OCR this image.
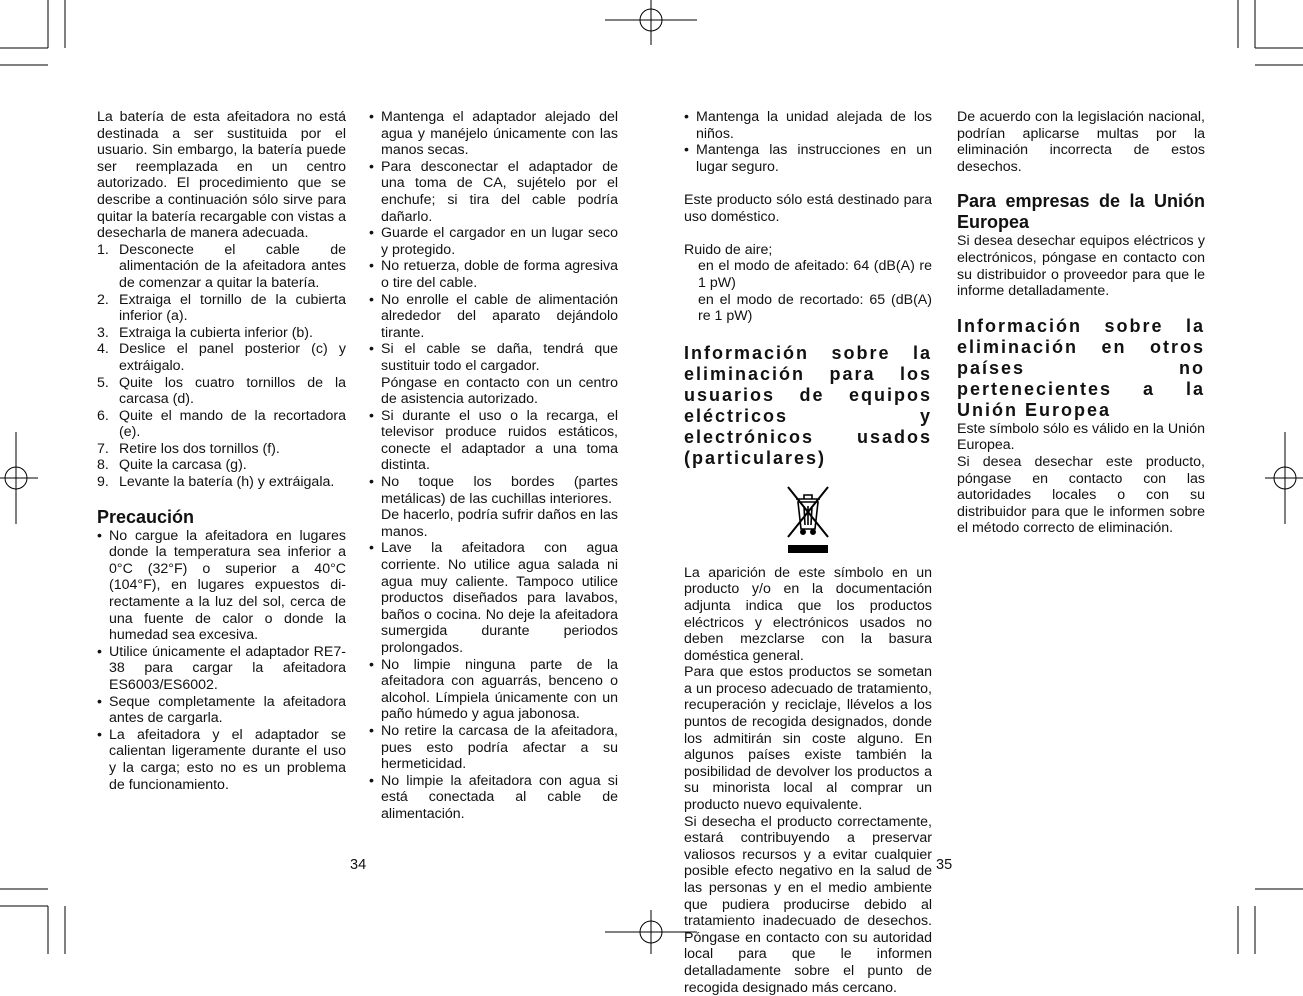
La batería de esta afeitadora no está destinada a ser sustituida por el usuario. Sin embargo, la batería puede ser reemplazada en un centro autorizado. El procedimiento que se describe a continuación sólo sirve para quitar la batería recargable con vistas a desecharla de manera adecuada.

1. Desconecte el cable de alimentación de la afeitadora antes de comenzar a quitar la batería.
2. Extraiga el tornillo de la cubierta inferior (a).
3. Extraiga la cubierta inferior (b).
4. Deslice el panel posterior (c) y extráigalo.
5. Quite los cuatro tornillos de la carcasa (d).
6. Quite el mando de la recortadora (e).
7. Retire los dos tornillos (f).
8. Quite la carcasa (g).
9. Levante la batería (h) y extráigala.
Precaución
• No cargue la afeitadora en lugares donde la temperatura sea inferior a 0°C (32°F) o superior a 40°C (104°F), en lugares expuestos di-rectamente a la luz del sol, cerca de una fuente de calor o donde la humedad sea excesiva.
• Utilice únicamente el adaptador RE7-38 para cargar la afeitadora ES6003/ES6002.
• Seque completamente la afeitadora antes de cargarla.
• La afeitadora y el adaptador se calientan ligeramente durante el uso y la carga; esto no es un problema de funcionamiento.
• Mantenga el adaptador alejado del agua y manéjelo únicamente con las manos secas.
• Para desconectar el adaptador de una toma de CA, sujételo por el enchufe; si tira del cable podría dañarlo.
• Guarde el cargador en un lugar seco y protegido.
• No retuerza, doble de forma agresiva o tire del cable.
• No enrolle el cable de alimentación alrededor del aparato dejándolo tirante.
• Si el cable se daña, tendrá que sustituir todo el cargador.
Póngase en contacto con un centro de asistencia autorizado.
• Si durante el uso o la recarga, el televisor produce ruidos estáticos, conecte el adaptador a una toma distinta.
• No toque los bordes (partes metálicas) de las cuchillas interiores.
De hacerlo, podría sufrir daños en las manos.
• Lave la afeitadora con agua corriente. No utilice agua salada ni agua muy caliente. Tampoco utilice productos diseñados para lavabos, baños o cocina. No deje la afeitadora sumergida durante periodos prolongados.
• No limpie ninguna parte de la afeitadora con aguarrás, benceno o alcohol. Límpiela únicamente con un paño húmedo y agua jabonosa.
• No retire la carcasa de la afeitadora, pues esto podría afectar a su hermeticidad.
• No limpie la afeitadora con agua si está conectada al cable de alimentación.
• Mantenga la unidad alejada de los niños.
• Mantenga las instrucciones en un lugar seguro.

Este producto sólo está destinado para uso doméstico.

Ruido de aire;

en el modo de afeitado: 64 (dB(A) re 1 pW)

en el modo de recortado: 65 (dB(A) re 1 pW)

Información sobre la eliminación para los usuarios de equipos eléctricos y electrónicos usados (particulares)

La aparición de este símbolo en un producto y/o en la documentación adjunta indica que los productos eléctricos y electrónicos usados no deben mezclarse con la basura doméstica general.

Para que estos productos se sometan a un proceso adecuado de tratamiento, recuperación y reciclaje, llévelos a los puntos de recogida designados, donde los admitirán sin coste alguno. En algunos países existe también la posibilidad de devolver los productos a su minorista local al comprar un producto nuevo equivalente.

Si desecha el producto correctamente, estará contribuyendo a preservar valiosos recursos y a evitar cualquier posible efecto negativo en la salud de las personas y en el medio ambiente que pudiera producirse debido al tratamiento inadecuado de desechos. Póngase en contacto con su autoridad local para que le informen detalladamente sobre el punto de recogida designado más cercano.

De acuerdo con la legislación nacional, podrían aplicarse multas por la eliminación incorrecta de estos desechos.

Para empresas de la Unión Europea

Si desea desechar equipos eléctricos y electrónicos, póngase en contacto con su distribuidor o proveedor para que le informe detalladamente.

Información sobre la eliminación en otros países no pertenecientes a la Unión Europea

Este símbolo sólo es válido en la Unión Europea.

Si desea desechar este producto, póngase en contacto con las autoridades locales o con su distribuidor para que le informen sobre el método correcto de eliminación.

34	35
